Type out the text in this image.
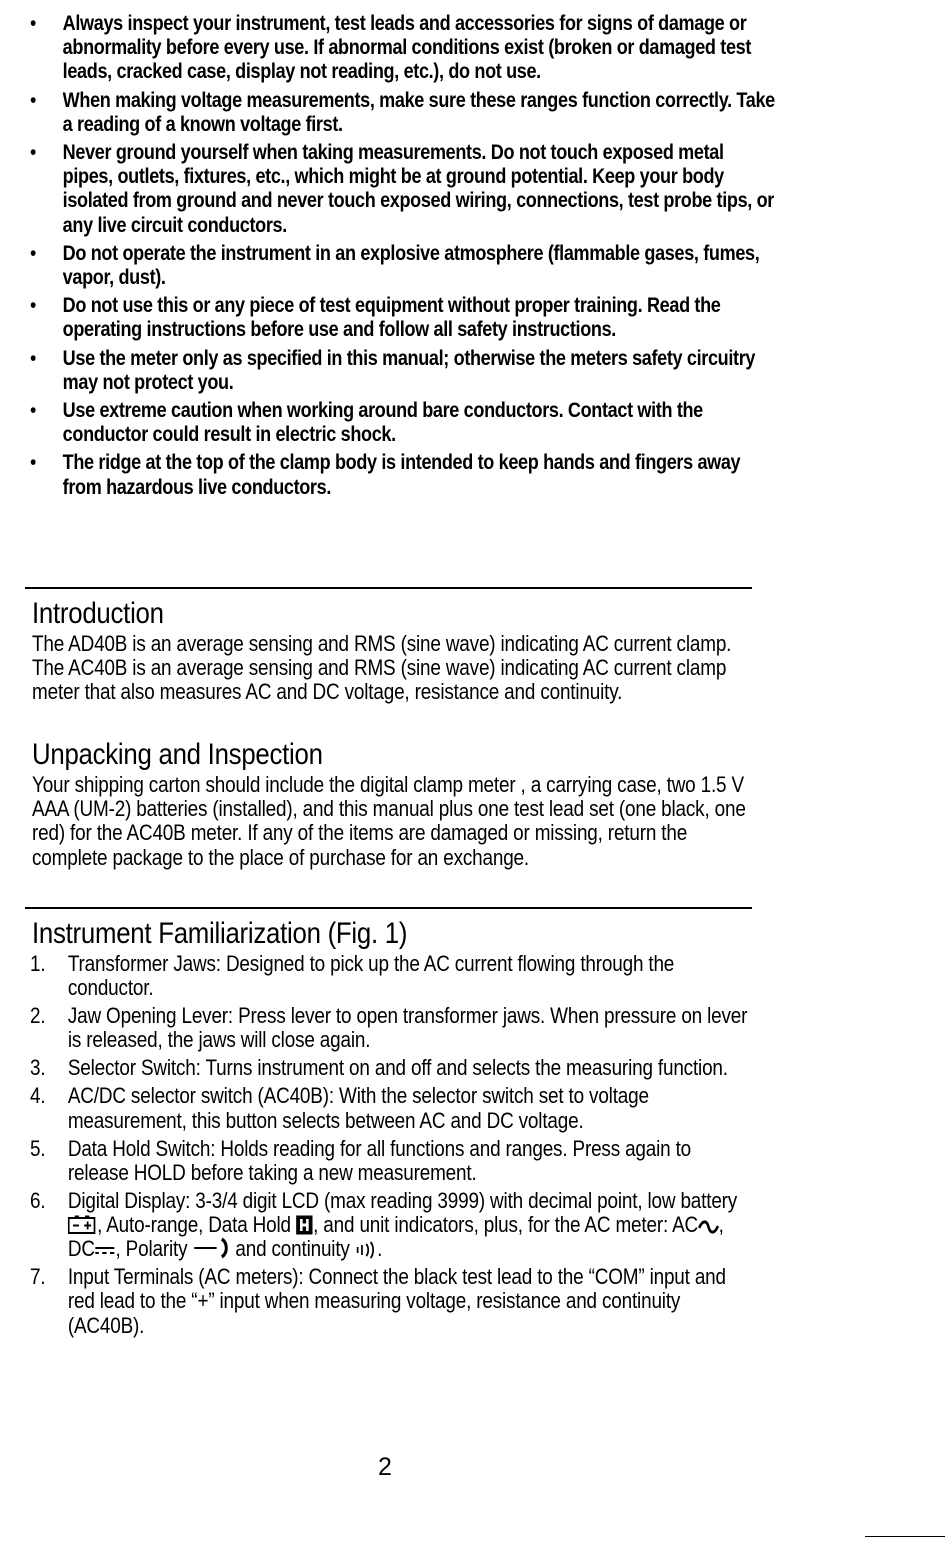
• Always inspect your instrument, test leads and accessories for signs of damage or abnormality before every use. If abnormal conditions exist (broken or damaged test leads, cracked case, display not reading, etc.), do not use.
• When making voltage measurements, make sure these ranges function correctly. Take a reading of a known voltage first.
• Never ground yourself when taking measurements. Do not touch exposed metal pipes, outlets, fixtures, etc., which might be at ground potential. Keep your body isolated from ground and never touch exposed wiring, connections, test probe tips, or any live circuit conductors.
• Do not operate the instrument in an explosive atmosphere (flammable gases, fumes, vapor, dust).
• Do not use this or any piece of test equipment without proper training. Read the operating instructions before use and follow all safety instructions.
• Use the meter only as specified in this manual; otherwise the meters safety circuitry may not protect you.
• Use extreme caution when working around bare conductors. Contact with the conductor could result in electric shock.
• The ridge at the top of the clamp body is intended to keep hands and fingers away from hazardous live conductors.
Introduction

The AD40B is an average sensing and RMS (sine wave) indicating AC current clamp. The AC40B is an average sensing and RMS (sine wave) indicating AC current clamp meter that also measures AC and DC voltage, resistance and continuity.

Unpacking and Inspection

Your shipping carton should include the digital clamp meter , a carrying case, two 1.5 V AAA (UM-2) batteries (installed), and this manual plus one test lead set (one black, one red) for the AC40B meter. If any of the items are damaged or missing, return the complete package to the place of purchase for an exchange.

Instrument Familiarization (Fig. 1)
1. Transformer Jaws: Designed to pick up the AC current flowing through the conductor.
2. Jaw Opening Lever: Press lever to open transformer jaws. When pressure on lever is released, the jaws will close again.
3. Selector Switch: Turns instrument on and off and selects the measuring function.
4. AC/DC selector switch (AC40B): With the selector switch set to voltage measurement, this button selects between AC and DC voltage.
5. Data Hold Switch: Holds reading for all functions and ranges. Press again to release HOLD before taking a new measurement.
6. Digital Display: 3-3/4 digit LCD (max reading 3999) with decimal point, low battery , Auto-range, Data Hold , and unit indicators, plus, for the AC meter: AC , DC , Polarity  and continuity .
7. Input Terminals (AC meters): Connect the black test lead to the “COM” input and red lead to the “+” input when measuring voltage, resistance and continuity (AC40B).
2
